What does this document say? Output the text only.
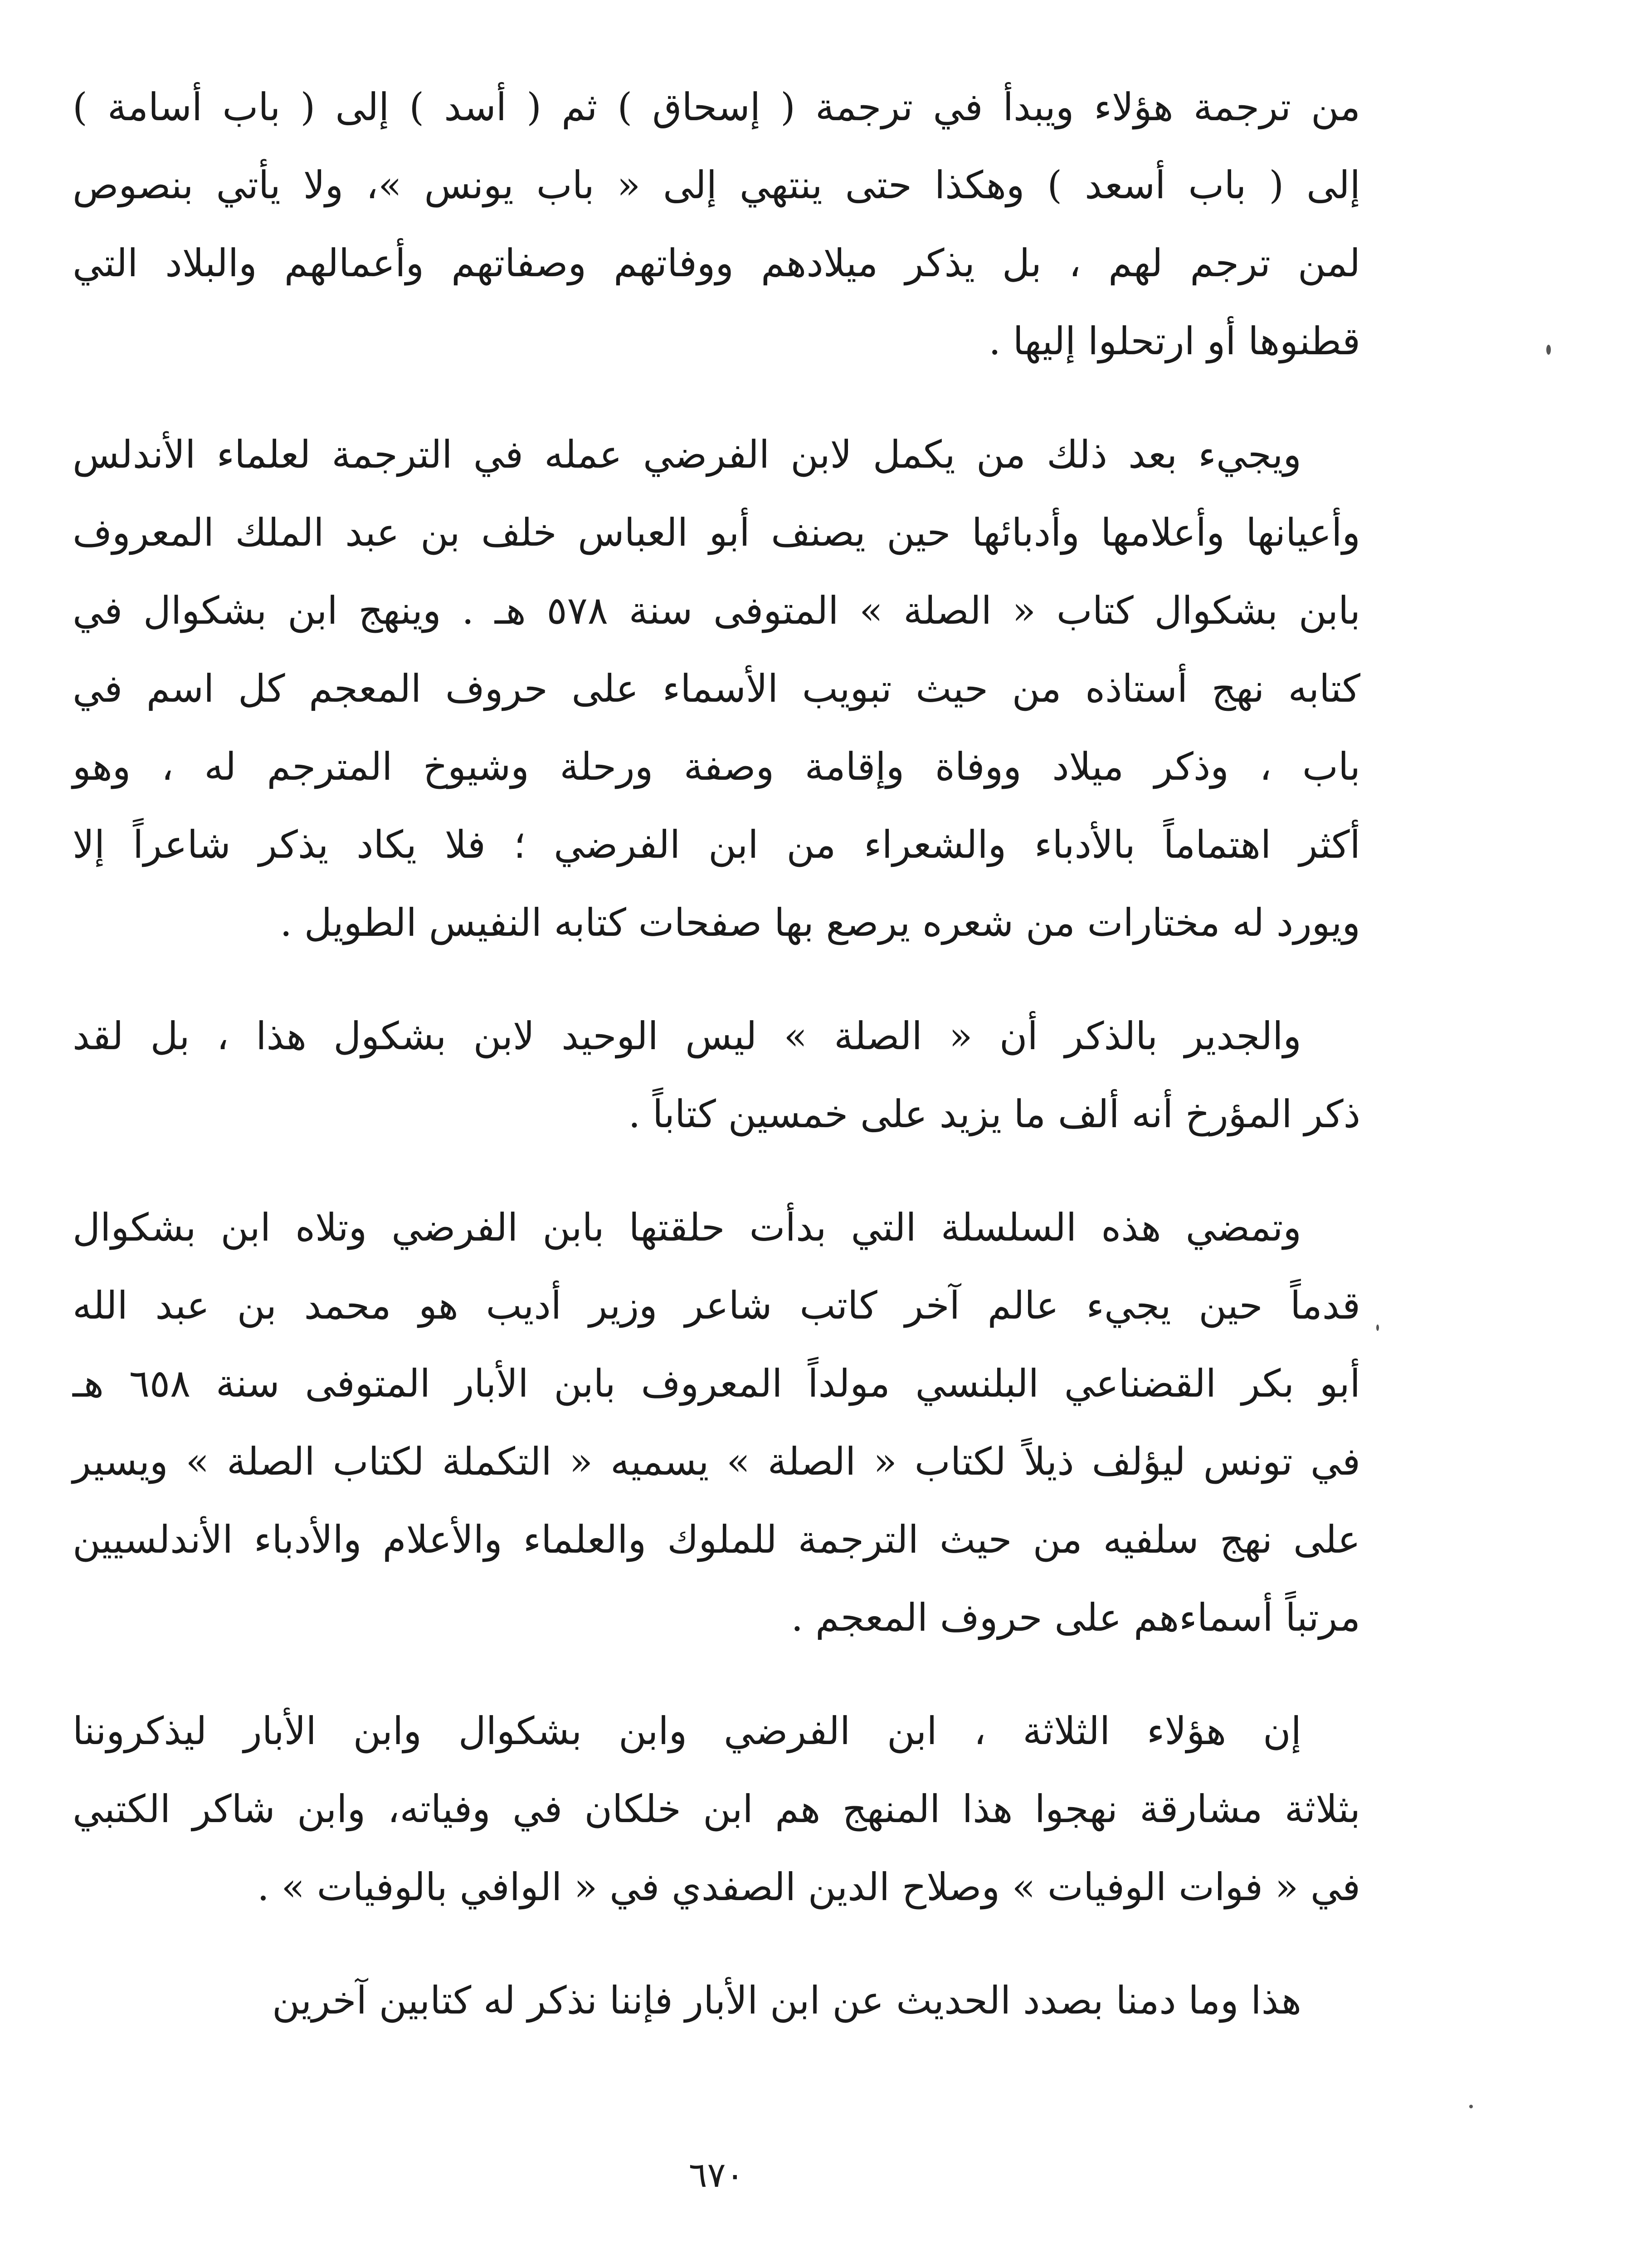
من ترجمة هؤلاء ويبدأ في ترجمة ( إسحاق ) ثم ( أسد ) إلى ( باب أسامة )
إلى ( باب أسعد ) وهكذا حتى ينتهي إلى « باب يونس »، ولا يأتي بنصوص
لمن ترجم لهم ، بل يذكر ميلادهم ووفاتهم وصفاتهم وأعمالهم والبلاد التي
قطنوها أو ارتحلوا إليها .

ويجيء بعد ذلك من يكمل لابن الفرضي عمله في الترجمة لعلماء الأندلس
وأعيانها وأعلامها وأدبائها حين يصنف أبو العباس خلف بن عبد الملك المعروف
بابن بشكوال كتاب « الصلة » المتوفى سنة ٥٧٨ هـ . وينهج ابن بشكوال في
كتابه نهج أستاذه من حيث تبويب الأسماء على حروف المعجم كل اسم في
باب ، وذكر ميلاد ووفاة وإقامة وصفة ورحلة وشيوخ المترجم له ، وهو
أكثر اهتماماً بالأدباء والشعراء من ابن الفرضي ؛ فلا يكاد يذكر شاعراً إلا
ويورد له مختارات من شعره يرصع بها صفحات كتابه النفيس الطويل .

والجدير بالذكر أن « الصلة » ليس الوحيد لابن بشكول هذا ، بل لقد
ذكر المؤرخ أنه ألف ما يزيد على خمسين كتاباً .

وتمضي هذه السلسلة التي بدأت حلقتها بابن الفرضي وتلاه ابن بشكوال
قدماً حين يجيء عالم آخر كاتب شاعر وزير أديب هو محمد بن عبد الله
أبو بكر القضناعي البلنسي مولداً المعروف بابن الأبار المتوفى سنة ٦٥٨ هـ
في تونس ليؤلف ذيلاً لكتاب « الصلة » يسميه « التكملة لكتاب الصلة » ويسير
على نهج سلفيه من حيث الترجمة للملوك والعلماء والأعلام والأدباء الأندلسيين
مرتباً أسماءهم على حروف المعجم .

إن هؤلاء الثلاثة ، ابن الفرضي وابن بشكوال وابن الأبار ليذكروننا
بثلاثة مشارقة نهجوا هذا المنهج هم ابن خلكان في وفياته، وابن شاكر الكتبي
في « فوات الوفيات » وصلاح الدين الصفدي في « الوافي بالوفيات » .

هذا وما دمنا بصدد الحديث عن ابن الأبار فإننا نذكر له كتابين آخرين

٦٧٠
